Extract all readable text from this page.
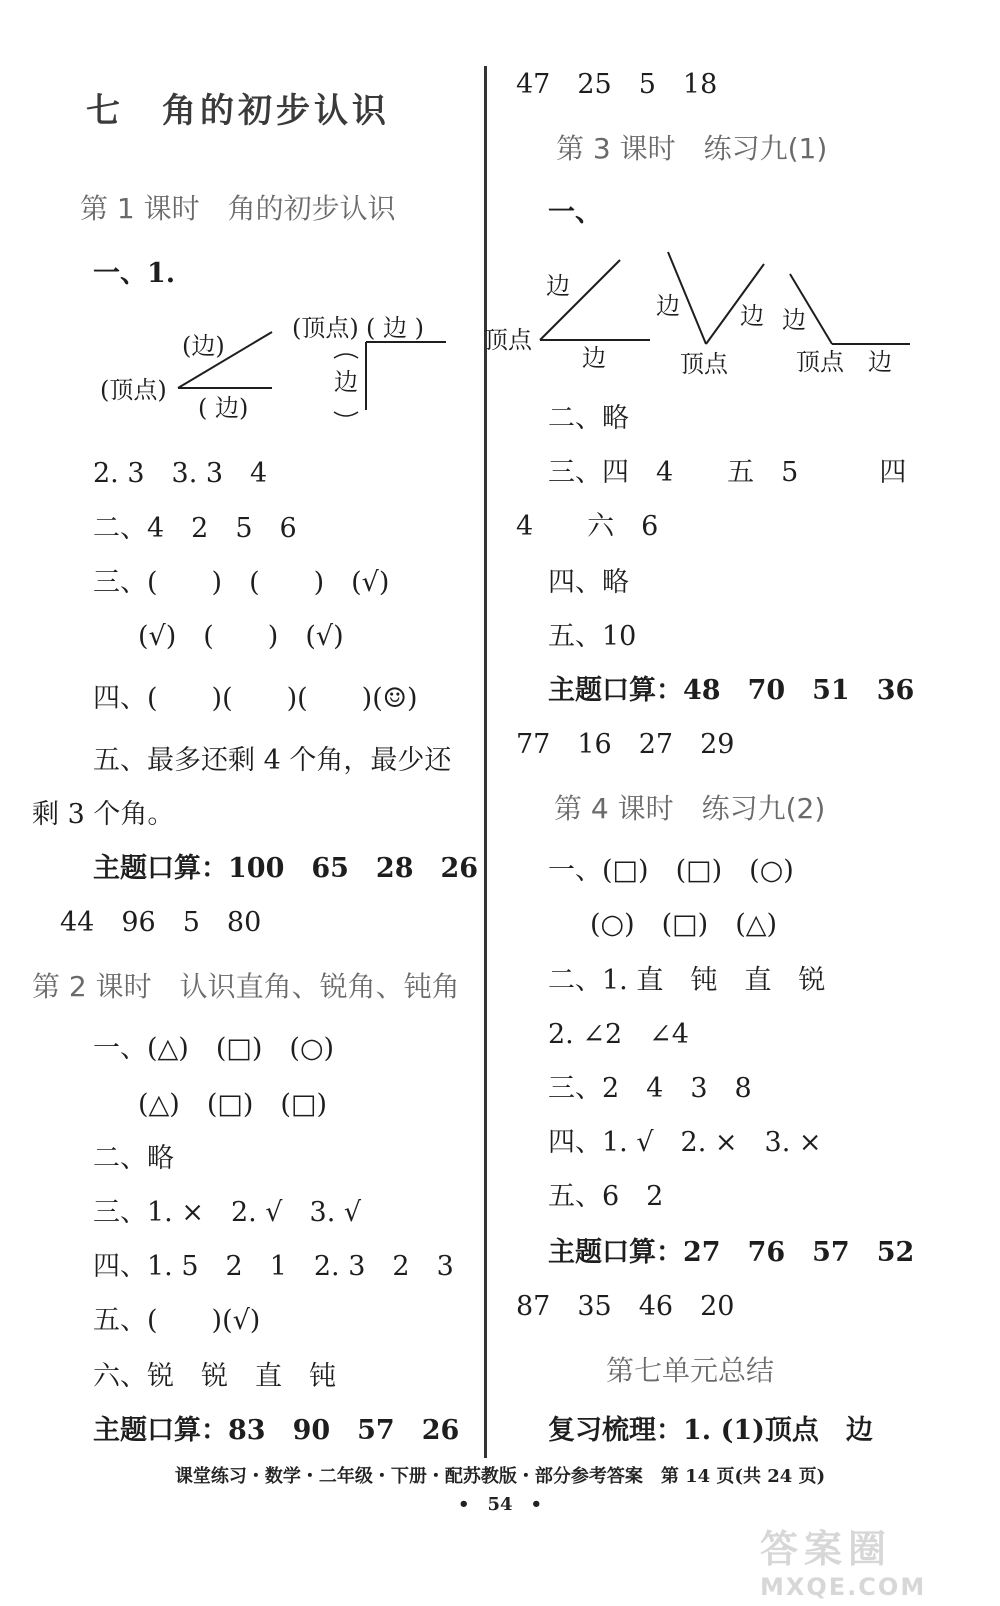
七　角的初步认识
第 1 课时　角的初步认识
一、1.
(顶点)
(边)
( 边)
(顶点) ( 边 )
边
2. 3　3. 3　4
二、4　2　5　6
三、(　　)　(　　)　(√)
(√)　(　　)　(√)
四、(　　)(　　)(　　)(☺)
五、最多还剩 4 个角，最少还
剩 3 个角。
主题口算：100　65　28　26
44　96　5　80
第 2 课时　认识直角、锐角、钝角
一、(△)　(□)　(○)
(△)　(□)　(□)
二、略
三、1. ×　2. √　3. √
四、1. 5　2　1　2. 3　2　3
五、(　　)(√)
六、锐　锐　直　钝
主题口算：83　90　57　26
47　25　5　18
第 3 课时　练习九(1)
一、
顶点
边
边
边	边
顶点
边
顶点 边
二、略
三、四　4　　五　5　　　四
4　　六　6
四、略
五、10
主题口算：48　70　51　36
77　16　27　29
第 4 课时　练习九(2)
一、(□)　(□)　(○)
(○)　(□)　(△)
二、1. 直　钝　直　锐
2. ∠2　∠4
三、2　4　3　8
四、1. √　2. ×　3. ×
五、6　2
主题口算：27　76　57　52
87　35　46　20
第七单元总结
复习梳理：1. (1)顶点　边
课堂练习・数学・二年级・下册・配苏教版・部分参考答案　第 14 页(共 24 页)
•　54　•
答案圈
MXQE.COM
